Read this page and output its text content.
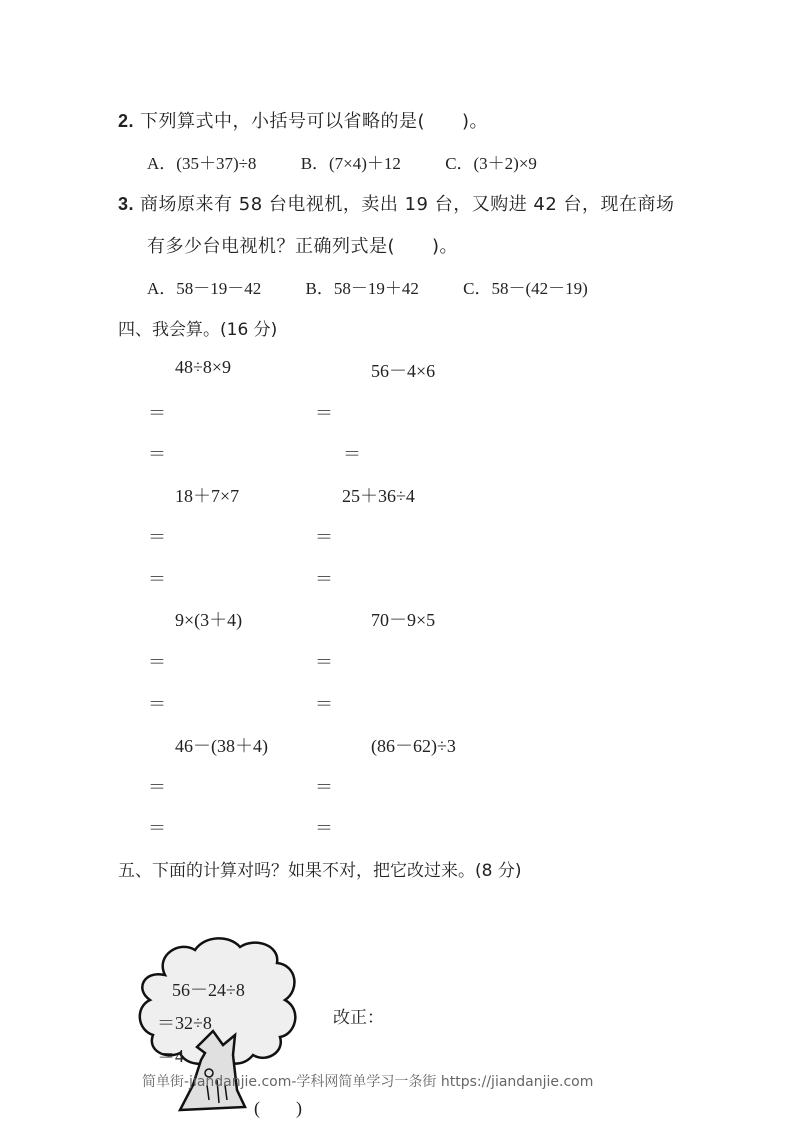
2. 下列算式中，小括号可以省略的是(　　)。
A．(35＋37)÷8	B．(7×4)＋12	C．(3＋2)×9
3. 商场原来有 58 台电视机，卖出 19 台，又购进 42 台，现在商场
有多少台电视机？正确列式是(　　)。
A．58－19－42	B．58－19＋42	C．58－(42－19)
四、我会算。(16 分)
48÷8×9	56－4×6
＝	＝
＝	＝
18＋7×7	25＋36÷4
＝	＝
＝	＝
9×(3＋4)	70－9×5
＝	＝
＝	＝
46－(38＋4)	(86－62)÷3
＝	＝
＝	＝
五、下面的计算对吗？如果不对，把它改过来。(8 分)
56－24÷8
＝32÷8
＝4
改正：
(　　)
简单街-jiandanjie.com-学科网简单学习一条街 https://jiandanjie.com
